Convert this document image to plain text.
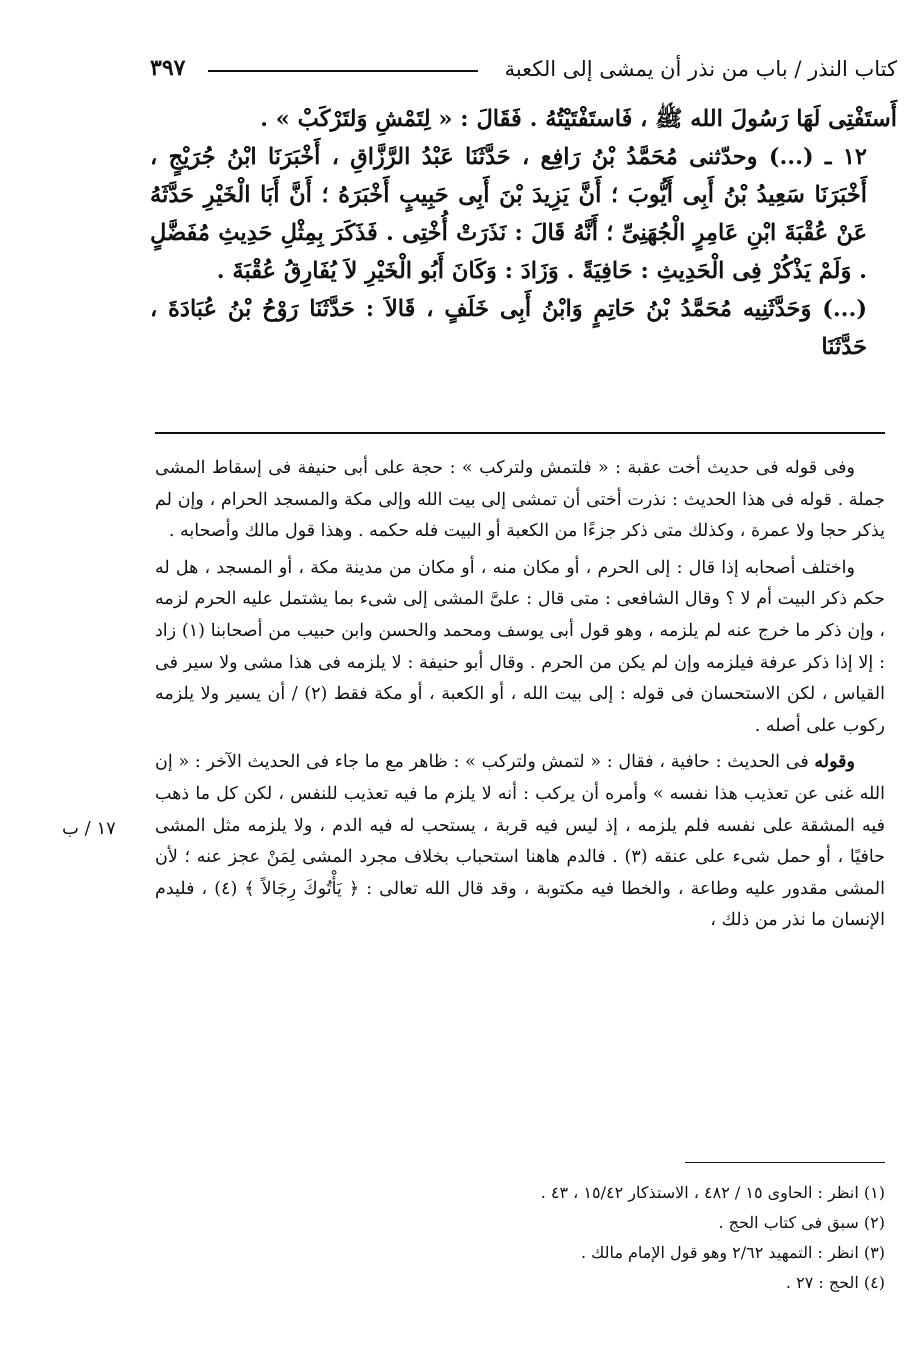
كتاب النذر / باب من نذر أن يمشى إلى الكعبة
٣٩٧

أَستَفْتِى لَهَا رَسُولَ الله ﷺ ، فَاستَفْتَيْتُهُ . فَقَالَ : « لِتَمْشِ وَلتَرْكَبْ » .

١٢ ـ (...) وحدّثنى مُحَمَّدُ بْنُ رَافِع ، حَدَّثَنَا عَبْدُ الرَّزَّاقِ ، أَخْبَرَنَا ابْنُ جُرَيْجٍ ، أَخْبَرَنَا سَعِيدُ بْنُ أَبِى أَيُّوبَ ؛ أَنَّ يَزِيدَ بْنَ أَبِى حَبِيبٍ أَخْبَرَهُ ؛ أَنَّ أَبَا الْخَيْرِ حَدَّثَهُ عَنْ عُقْبَةَ ابْنِ عَامِرٍ الْجُهَنِىِّ ؛ أَنَّهُ قَالَ : نَذَرَتْ أُخْتِى . فَذَكَرَ بِمِثْلِ حَدِيثِ مُفَضَّلٍ . وَلَمْ يَذْكُرْ فِى الْحَدِيثِ : حَافِيَةً . وَزَادَ : وَكَانَ أَبُو الْخَيْرِ لاَ يُفَارِقُ عُقْبَةَ .

(...) وَحَدَّثَنِيه مُحَمَّدُ بْنُ حَاتِمٍ وَابْنُ أَبِى خَلَفٍ ، قَالاَ : حَدَّثَنَا رَوْحُ بْنُ عُبَادَةَ ، حَدَّثَنَا

وفى قوله فى حديث أخت عقبة : « فلتمش ولتركب » : حجة على أبى حنيفة فى إسقاط المشى جملة . قوله فى هذا الحديث : نذرت أختى أن تمشى إلى بيت الله وإلى مكة والمسجد الحرام ، وإن لم يذكر حجا ولا عمرة ، وكذلك متى ذكر جزءًا من الكعبة أو البيت فله حكمه . وهذا قول مالك وأصحابه .

واختلف أصحابه إذا قال : إلى الحرم ، أو مكان منه ، أو مكان من مدينة مكة ، أو المسجد ، هل له حكم ذكر البيت أم لا ؟ وقال الشافعى : متى قال : علىَّ المشى إلى شىء بما يشتمل عليه الحرم لزمه ، وإن ذكر ما خرج عنه لم يلزمه ، وهو قول أبى يوسف ومحمد والحسن وابن حبيب من أصحابنا (١) زاد : إلا إذا ذكر عرفة فيلزمه وإن لم يكن من الحرم . وقال أبو حنيفة : لا يلزمه فى هذا مشى ولا سير فى القياس ، لكن الاستحسان فى قوله : إلى بيت الله ، أو الكعبة ، أو مكة فقط (٢) / أن يسير ولا يلزمه ركوب على أصله .

وقوله فى الحديث : حافية ، فقال : « لتمش ولتركب » : ظاهر مع ما جاء فى الحديث الآخر : « إن الله غنى عن تعذيب هذا نفسه » وأمره أن يركب : أنه لا يلزم ما فيه تعذيب للنفس ، لكن كل ما ذهب فيه المشقة على نفسه فلم يلزمه ، إذ ليس فيه قربة ، يستحب له فيه الدم ، ولا يلزمه مثل المشى حافيًا ، أو حمل شىء على عنقه (٣) . فالدم هاهنا استحباب بخلاف مجرد المشى لِمَنْ عجز عنه ؛ لأن المشى مقدور عليه وطاعة ، والخطا فيه مكتوبة ، وقد قال الله تعالى : ﴿ يَأْتُوكَ رِجَالاً ﴾ (٤) ، فليدم الإنسان ما نذر من ذلك ،

١٧ / ب
(١) انظر : الحاوى ١٥ / ٤٨٢ ، الاستذكار ١٥/٤٢ ، ٤٣ .
(٢) سبق فى كتاب الحج .
(٣) انظر : التمهيد ٢/٦٢ وهو قول الإمام مالك .
(٤) الحج : ٢٧ .
